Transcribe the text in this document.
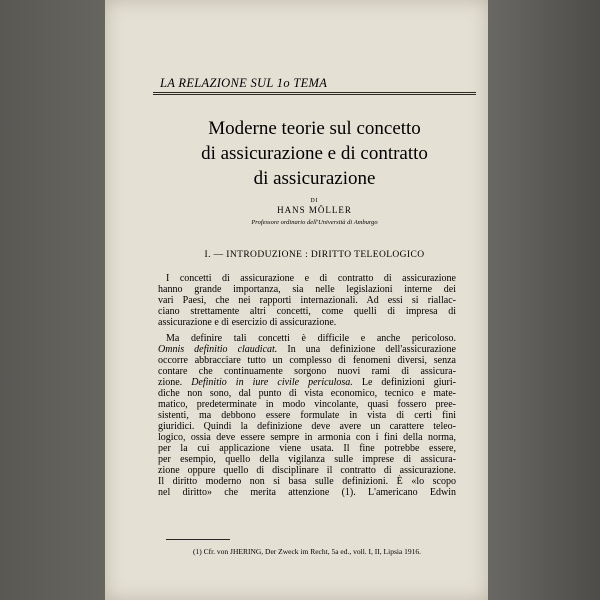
LA RELAZIONE SUL 1o TEMA
Moderne teorie sul concetto
di assicurazione e di contratto
di assicurazione
DI
HANS MÖLLER
Professore ordinario dell'Università di Amburgo
I. — INTRODUZIONE : DIRITTO TELEOLOGICO
I concetti di assicurazione e di contratto di assicurazione
hanno grande importanza, sia nelle legislazioni interne dei
vari Paesi, che nei rapporti internazionali. Ad essi si riallac-
ciano strettamente altri concetti, come quelli di impresa di
assicurazione e di esercizio di assicurazione.
Ma definire tali concetti è difficile e anche pericoloso.
Omnis definitio claudicat. In una definizione dell'assicurazione
occorre abbracciare tutto un complesso di fenomeni diversi, senza
contare che continuamente sorgono nuovi rami di assicura-
zione. Definitio in iure civile periculosa. Le definizioni giuri-
diche non sono, dal punto di vista economico, tecnico e mate-
matico, predeterminate in modo vincolante, quasi fossero pree-
sistenti, ma debbono essere formulate in vista di certi fini
giuridici. Quindi la definizione deve avere un carattere teleo-
logico, ossia deve essere sempre in armonia con i fini della norma,
per la cui applicazione viene usata. Il fine potrebbe essere,
per esempio, quello della vigilanza sulle imprese di assicura-
zione oppure quello di disciplinare il contratto di assicurazione.
Il diritto moderno non si basa sulle definizioni. È «lo scopo
nel diritto» che merita attenzione (1). L'americano Edwin
(1) Cfr. von JHERING, Der Zweck im Recht, 5a ed., voll. I, II, Lipsia 1916.
